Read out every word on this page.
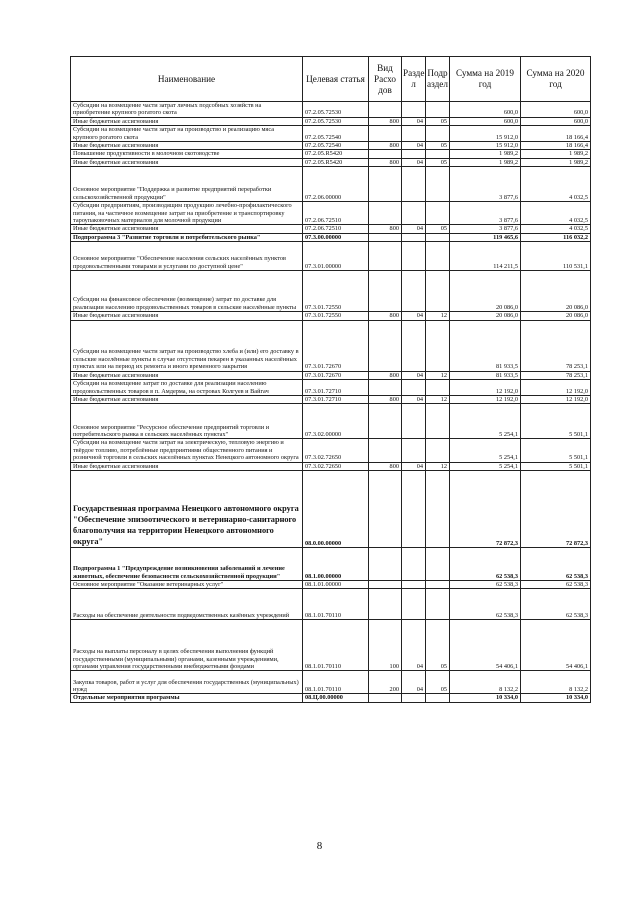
Наименование	Целевая статья	Вид Расхо дов	Разде л	Подр аздел	Сумма на 2019 год	Сумма на 2020 год
Субсидии на возмещение части затрат личных подсобных хозяйств на приобретение крупного рогатого скота	07.2.05.72530				600,0	600,0
Иные бюджетные ассигнования	07.2.05.72530	800	04	05	600,0	600,0
Субсидии на возмещение части затрат на производство и реализацию мяса крупного рогатого скота	07.2.05.72540				15 912,0	18 166,4
Иные бюджетные ассигнования	07.2.05.72540	800	04	05	15 912,0	18 166,4
Повышение продуктивности в молочном скотоводстве	07.2.05.R5420				1 989,2	1 989,2
Иные бюджетные ассигнования	07.2.05.R5420	800	04	05	1 989,2	1 989,2
Основное мероприятие "Поддержка и развитие предприятий переработки сельскохозяйственной продукции"	07.2.06.00000				3 877,6	4 032,5
Субсидии предприятиям, производящим продукцию лечебно-профилактического питания, на частичное возмещение затрат на приобретение и транспортировку тароупаковочных материалов для молочной продукции	07.2.06.72510				3 877,6	4 032,5
Иные бюджетные ассигнования	07.2.06.72510	800	04	05	3 877,6	4 032,5
Подпрограмма 3 "Развитие торговли и потребительского рынка"	07.3.00.00000				119 465,6	116 032,2
Основное мероприятие "Обеспечение населения сельских населённых пунктов продовольственными товарами и услугами по доступной цене"	07.3.01.00000				114 211,5	110 531,1
Субсидии на финансовое обеспечение (возмещение) затрат по доставке для реализации населению продовольственных товаров в сельские населённые пункты	07.3.01.72550				20 086,0	20 086,0
Иные бюджетные ассигнования	07.3.01.72550	800	04	12	20 086,0	20 086,0
Субсидии на возмещение части затрат на производство хлеба и (или) его доставку в сельские населённые пункты в случае отсутствия пекарен в указанных населённых пунктах или на период их ремонта и иного временного закрытия	07.3.01.72670				81 933,5	78 253,1
Иные бюджетные ассигнования	07.3.01.72670	800	04	12	81 933,5	78 253,1
Субсидии на возмещение затрат по доставке для реализации населению продовольственных товаров в п. Амдерма, на островах Колгуев и Вайгач	07.3.01.72710				12 192,0	12 192,0
Иные бюджетные ассигнования	07.3.01.72710	800	04	12	12 192,0	12 192,0
Основное мероприятие "Ресурсное обеспечение предприятий торговли и потребительского рынка в сельских населённых пунктах"	07.3.02.00000				5 254,1	5 501,1
Субсидии на возмещение части затрат на электрическую, тепловую энергию и твёрдое топливо, потреблённые предприятиями общественного питания и розничной торговли в сельских населённых пунктах Ненецкого автономного округа	07.3.02.72650				5 254,1	5 501,1
Иные бюджетные ассигнования	07.3.02.72650	800	04	12	5 254,1	5 501,1
Государственная программа Ненецкого автономного округа "Обеспечение эпизоотического и ветеринарно-санитарного благополучия на территории Ненецкого автономного округа"	08.0.00.00000				72 872,3	72 872,3
Подпрограмма 1 "Предупреждение возникновения заболеваний и лечение животных, обеспечение безопасности сельскохозяйственной продукции"	08.1.00.00000				62 538,3	62 538,3
Основное мероприятие "Оказание ветеринарных услуг"	08.1.01.00000				62 538,3	62 538,3
Расходы на обеспечение деятельности подведомственных казённых учреждений	08.1.01.70110				62 538,3	62 538,3
Расходы на выплаты персоналу в целях обеспечения выполнения функций государственными (муниципальными) органами, казенными учреждениями, органами управления государственными внебюджетными фондами	08.1.01.70110	100	04	05	54 406,1	54 406,1
Закупка товаров, работ и услуг для обеспечения государственных (муниципальных) нужд	08.1.01.70110	200	04	05	8 132,2	8 132,2
Отдельные мероприятия программы	08.Ц.00.00000				10 334,0	10 334,0
8
